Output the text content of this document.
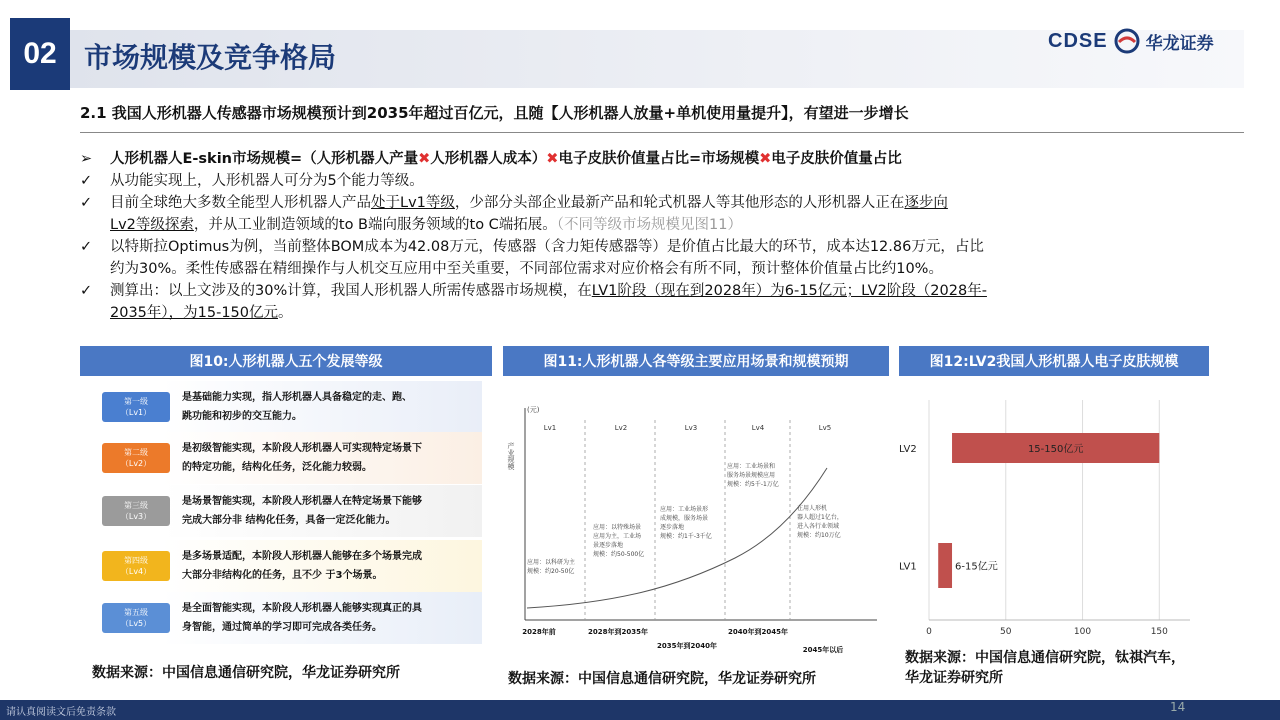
02 市场规模及竞争格局
CDSE 华龙证券
2.1 我国人形机器人传感器市场规模预计到2035年超过百亿元，且随【人形机器人放量+单机使用量提升】，有望进一步增长
➢	人形机器人E-skin市场规模=（人形机器人产量✖人形机器人成本）✖电子皮肤价值量占比=市场规模✖电子皮肤价值量占比
✓	从功能实现上，人形机器人可分为5个能力等级。
✓	目前全球绝大多数全能型人形机器人产品处于Lv1等级，少部分头部企业最新产品和轮式机器人等其他形态的人形机器人正在逐步向
Lv2等级探索，并从工业制造领域的to B端向服务领域的to C端拓展。（不同等级市场规模见图11）
✓	以特斯拉Optimus为例，当前整体BOM成本为42.08万元，传感器（含力矩传感器等）是价值占比最大的环节，成本达12.86万元，占比
约为30%。柔性传感器在精细操作与人机交互应用中至关重要，不同部位需求对应价格会有所不同，预计整体价值量占比约10%。
✓	测算出：以上文涉及的30%计算，我国人形机器人所需传感器市场规模，在LV1阶段（现在到2028年）为6-15亿元；LV2阶段（2028年-
2035年），为15-150亿元。
图10:人形机器人五个发展等级	图11:人形机器人各等级主要应用场景和规模预期	图12:LV2我国人形机器人电子皮肤规模
第一级
（Lv1）
是基础能力实现，指人形机器人具备稳定的走、跑、
跳功能和初步的交互能力。
第二级
（Lv2）
是初级智能实现，本阶段人形机器人可实现特定场景下
的特定功能，结构化任务，泛化能力较弱。
第三级
（Lv3）
是场景智能实现，本阶段人形机器人在特定场景下能够
完成大部分非 结构化任务，具备一定泛化能力。
第四级
（Lv4）
是多场景适配，本阶段人形机器人能够在多个场景完成
大部分非结构化的任务，且不少 于3个场景。
第五级
（Lv5）
是全面智能实现，本阶段人形机器人能够实现真正的具
身智能，通过简单的学习即可完成各类任务。
数据来源：中国信息通信研究院，华龙证券研究所
(元)
产业规模
Lv1	Lv2	Lv3	Lv4	Lv5
应用：以科研为主
规模：约20-50亿
应用：以特殊场景
应用为主，工业场
景逐步落地
规模：约50-500亿
应用：工业场景形
成规模，服务场景
逐步落地
规模：约1千-3千亿
应用：工业场景和
服务场景规模应用
规模：约5千-1万亿
在用人形机
器人超过1亿台，
进入各行业领域
规模：约10万亿
2028年前	2028年到2035年
2035年到2040年
2040年到2045年
2045年以后
数据来源：中国信息通信研究院，华龙证券研究所
0	50	100	150
LV1	6-15亿元
LV2	15-150亿元
数据来源：中国信息通信研究院，钛祺汽车，
华龙证券研究所
请认真阅读文后免责条款	14
